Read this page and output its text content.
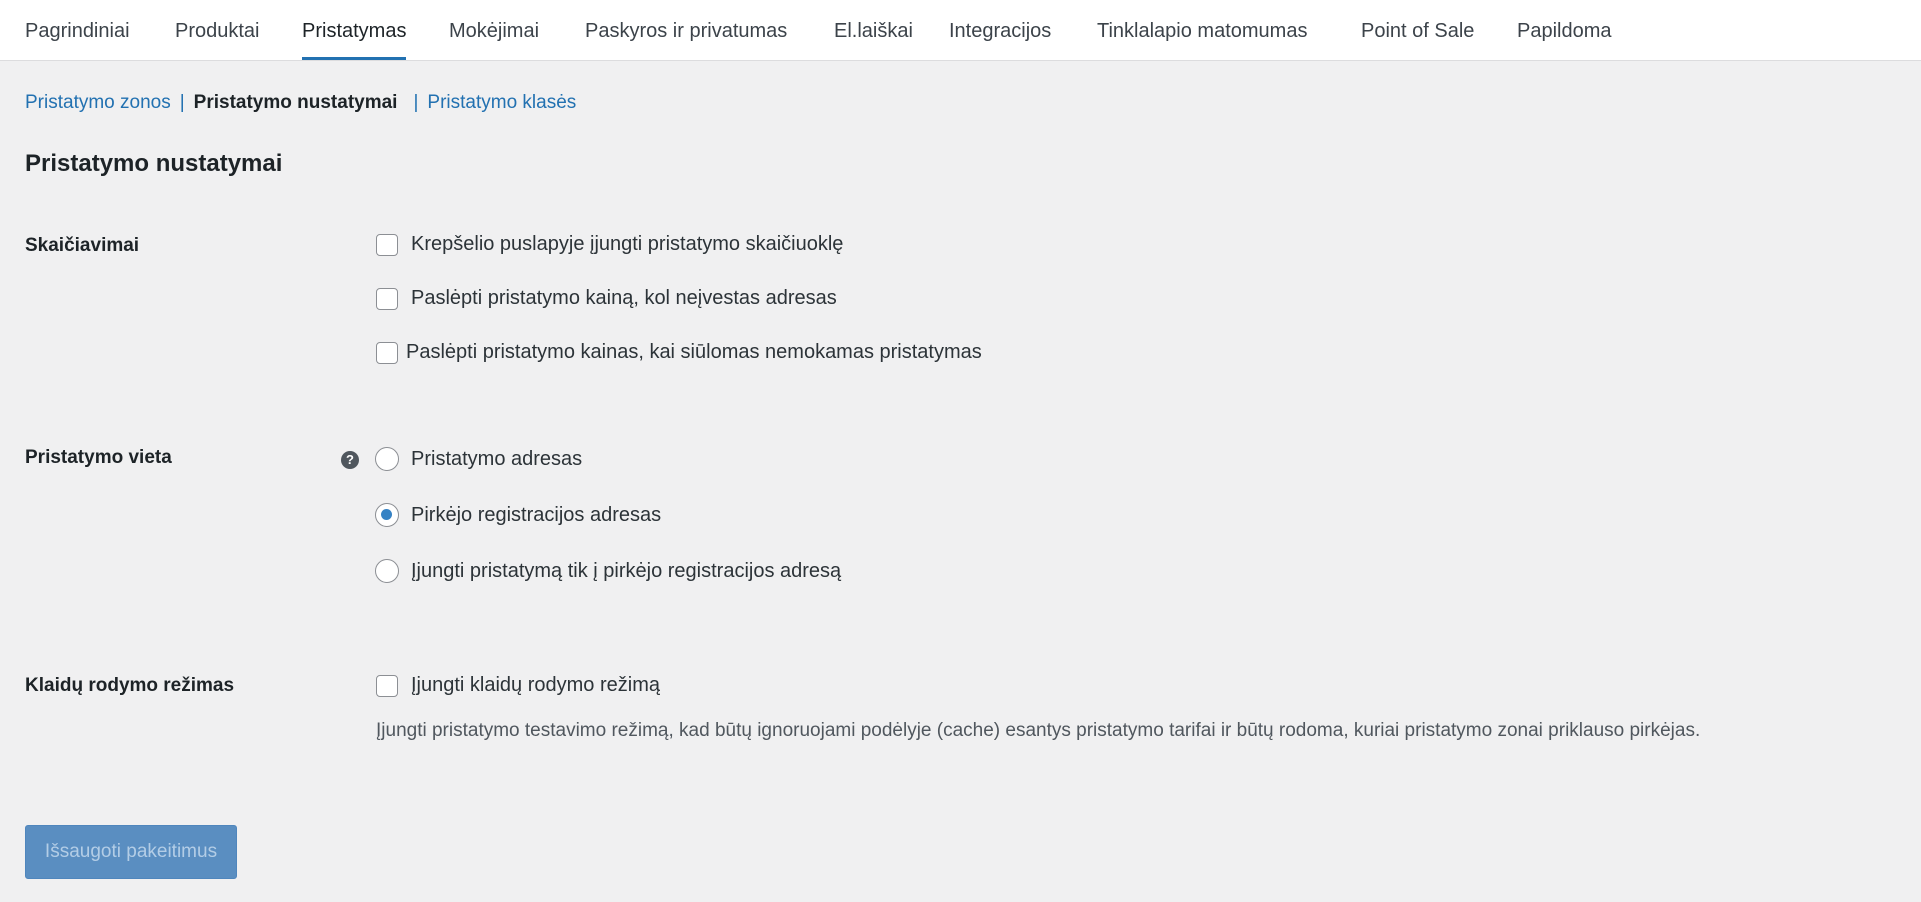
Pagrindiniai Produktai Pristatymas Mokėjimai Paskyros ir privatumas El.laiškai Integracijos Tinklalapio matomumas	Point of Sale Papildoma
Pristatymo zonos | Pristatymo nustatymai | Pristatymo klasės
Pristatymo nustatymai
Skaičiavimai	Krepšelio puslapyje įjungti pristatymo skaičiuoklę
Paslėpti pristatymo kainą, kol neįvestas adresas
Paslėpti pristatymo kainas, kai siūlomas nemokamas pristatymas
Pristatymo vieta	?	Pristatymo adresas
Pirkėjo registracijos adresas
Įjungti pristatymą tik į pirkėjo registracijos adresą
Klaidų rodymo režimas	Įjungti klaidų rodymo režimą
Įjungti pristatymo testavimo režimą, kad būtų ignoruojami podėlyje (cache) esantys pristatymo tarifai ir būtų rodoma, kuriai pristatymo zonai priklauso pirkėjas.
Išsaugoti pakeitimus
